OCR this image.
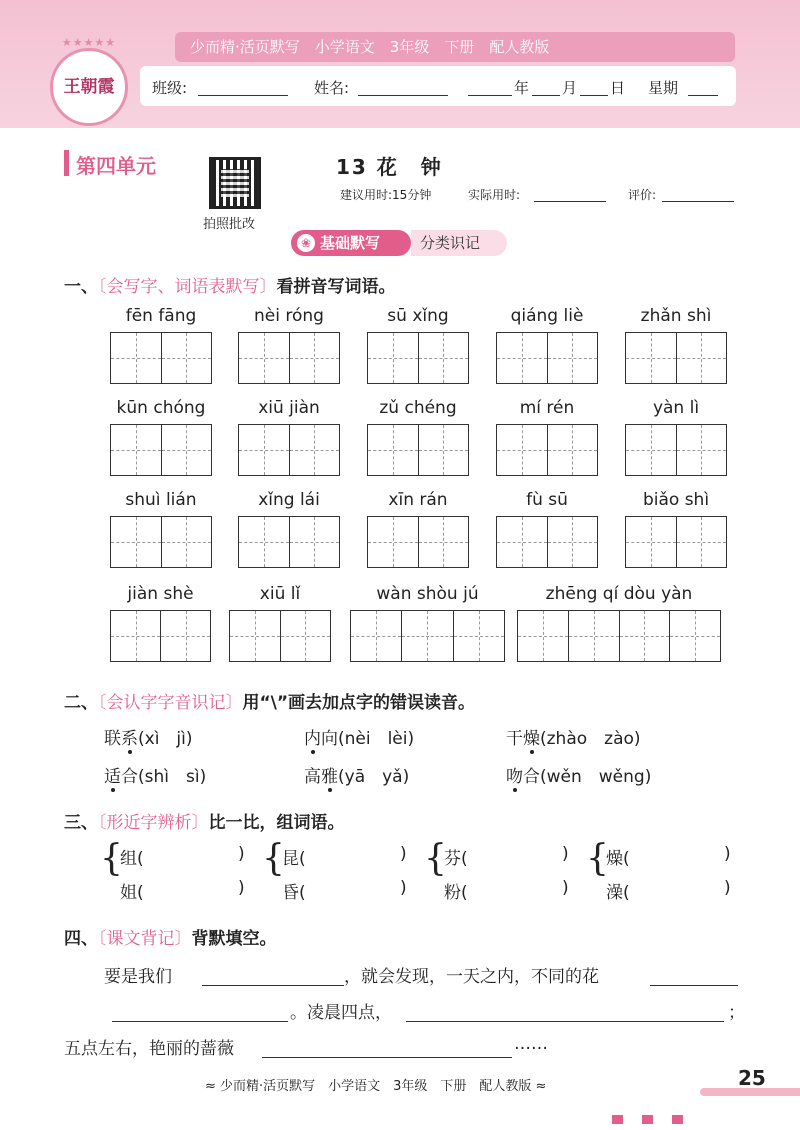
少而精·活页默写　小学语文　3年级　下册　配人教版
班级:	姓名:	年 月 日 星期
★★★★★
王朝霞
第四单元
拍照批改
13 花　钟
建议用时:15分钟	实际用时:	评价:
❀ 基础默写	分类识记
一、〔会写字、词语表默写〕看拼音写词语。
fēn fāng	nèi róng	sū xǐng	qiáng liè	zhǎn shì
kūn chóng	xiū jiàn	zǔ chéng	mí rén	yàn lì
shuì lián	xǐng lái	xīn rán	fù sū	biǎo shì
jiàn shè	xiū lǐ	wàn shòu jú	zhēng qí dòu yàn
二、〔会认字字音识记〕用“\”画去加点字的错误读音。
联系(xì　jì)	内向(nèi　lèi)	干燥(zhào　zào)
适合(shì　sì)	高雅(yā　yǎ)	吻合(wěn　wěng)
三、〔形近字辨析〕比一比，组词语。
{
组(	)
姐(	)
{
昆(	)
昏(	)
{
芬(	)
粉(	)
{
燥(	)
澡(	)
四、〔课文背记〕背默填空。
要是我们	，就会发现，一天之内，不同的花
。凌晨四点，	；
五点左右，艳丽的蔷薇	……
≈ 少而精·活页默写　小学语文　3年级　下册　配人教版 ≈	25
